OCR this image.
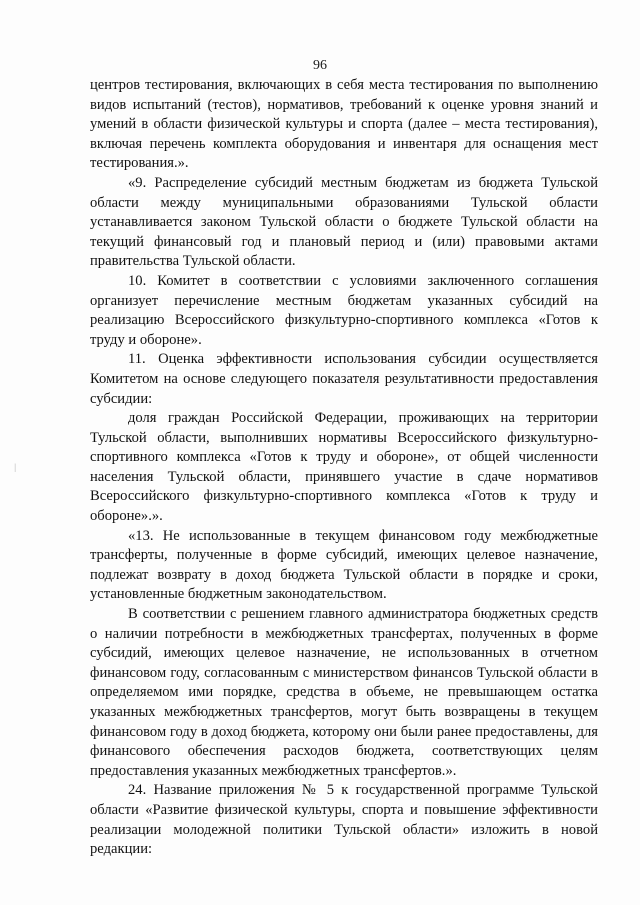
96
|

центров тестирования, включающих в себя места тестирования по выполнению видов испытаний (тестов), нормативов, требований к оценке уровня знаний и умений в области физической культуры и спорта (далее – места тестирования), включая перечень комплекта оборудования и инвентаря для оснащения мест тестирования.».

«9. Распределение субсидий местным бюджетам из бюджета Тульской области между муниципальными образованиями Тульской области устанавливается законом Тульской области о бюджете Тульской области на текущий финансовый год и плановый период и (или) правовыми актами правительства Тульской области.

10. Комитет в соответствии с условиями заключенного соглашения организует перечисление местным бюджетам указанных субсидий на реализацию Всероссийского физкультурно-спортивного комплекса «Готов к труду и обороне».

11. Оценка эффективности использования субсидии осуществляется Комитетом на основе следующего показателя результативности предоставления субсидии:

доля граждан Российской Федерации, проживающих на территории Тульской области, выполнивших нормативы Всероссийского физкультурно-спортивного комплекса «Готов к труду и обороне», от общей численности населения Тульской области, принявшего участие в сдаче нормативов Всероссийского физкультурно-спортивного комплекса «Готов к труду и обороне».».

«13. Не использованные в текущем финансовом году межбюджетные трансферты, полученные в форме субсидий, имеющих целевое назначение, подлежат возврату в доход бюджета Тульской области в порядке и сроки, установленные бюджетным законодательством.

В соответствии с решением главного администратора бюджетных средств о наличии потребности в межбюджетных трансфертах, полученных в форме субсидий, имеющих целевое назначение, не использованных в отчетном финансовом году, согласованным с министерством финансов Тульской области в определяемом ими порядке, средства в объеме, не превышающем остатка указанных межбюджетных трансфертов, могут быть возвращены в текущем финансовом году в доход бюджета, которому они были ранее предоставлены, для финансового обеспечения расходов бюджета, соответствующих целям предоставления указанных межбюджетных трансфертов.».

24. Название приложения № 5 к государственной программе Тульской области «Развитие физической культуры, спорта и повышение эффективности реализации молодежной политики Тульской области» изложить в новой редакции:
